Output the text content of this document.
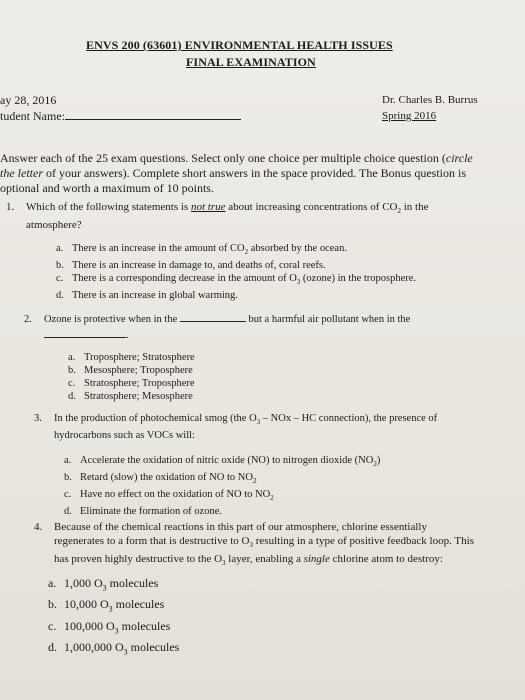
ENVS 200 (63601) ENVIRONMENTAL HEALTH ISSUES
FINAL EXAMINATION
ay 28, 2016
tudent Name:
Dr. Charles B. Burrus
Spring 2016
Answer each of the 25 exam questions. Select only one choice per multiple choice question (circle
the letter of your answers). Complete short answers in the space provided. The Bonus question is
optional and worth a maximum of 10 points.
1. Which of the following statements is not true about increasing concentrations of $CO_2$ in the
atmosphere?
a. There is an increase in the amount of $CO_2$ absorbed by the ocean.
b. There is an increase in damage to, and deaths of, coral reefs.
c. There is a corresponding decrease in the amount of $O_3$ (ozone) in the troposphere.
d. There is an increase in global warming.
2. Ozone is protective when in the	but a harmful air pollutant when in the
.
a. Troposphere; Stratosphere
b. Mesosphere; Troposphere
c. Stratosphere; Troposphere
d. Stratosphere; Mesosphere
3. In the production of photochemical smog (the $O_3$ – NOx – HC connection), the presence of
hydrocarbons such as VOCs will:
a. Accelerate the oxidation of nitric oxide (NO) to nitrogen dioxide $(NO_2)$
b. Retard (slow) the oxidation of NO to $NO_2$
c. Have no effect on the oxidation of NO to $NO_2$
d. Eliminate the formation of ozone.
4. Because of the chemical reactions in this part of our atmosphere, chlorine essentially
regenerates to a form that is destructive to $O_3$ resulting in a type of positive feedback loop. This
has proven highly destructive to the $O_3$ layer, enabling a single chlorine atom to destroy:
a. 1,000 $O_3$ molecules
b. 10,000 $O_3$ molecules
c. 100,000 $O_3$ molecules
d. 1,000,000 $O_3$ molecules
